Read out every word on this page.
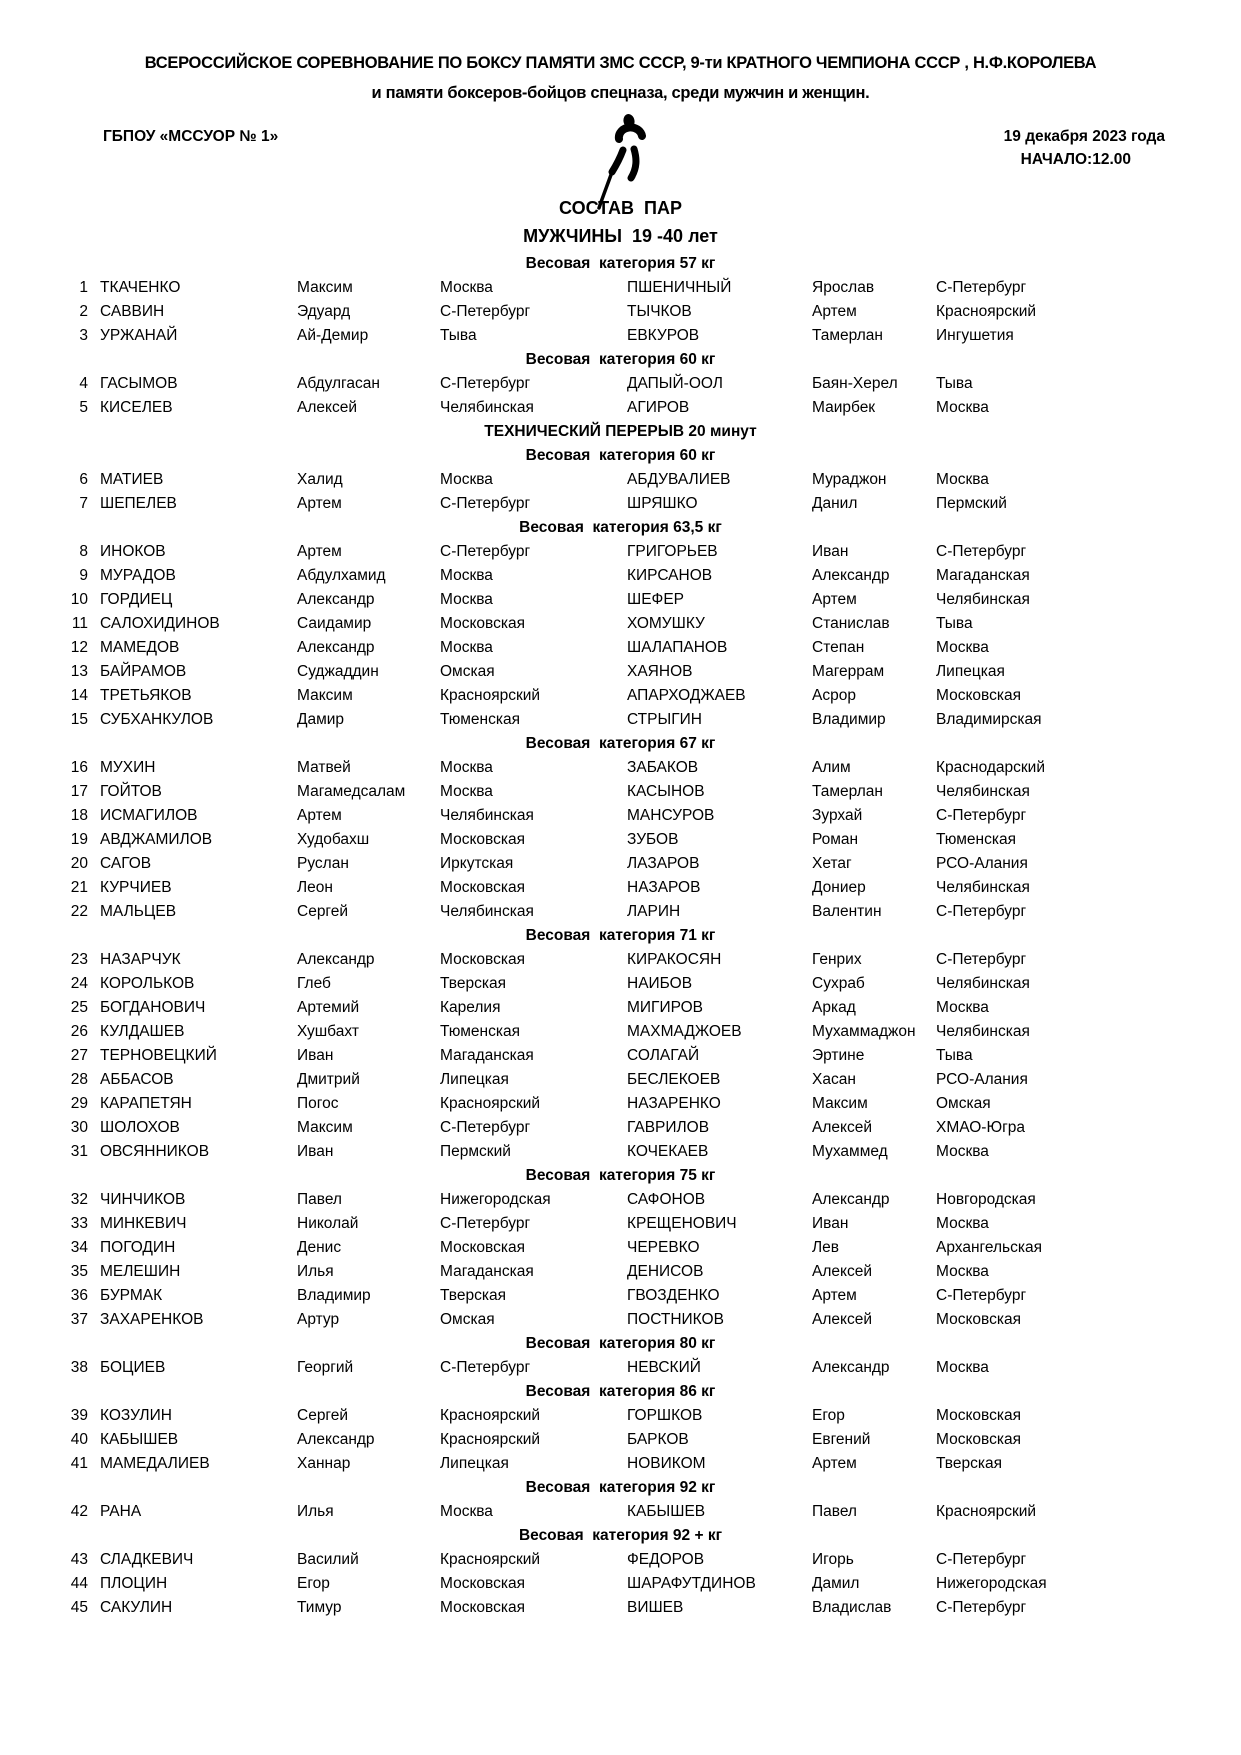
ВСЕРОССИЙСКОЕ СОРЕВНОВАНИЕ ПО БОКСУ ПАМЯТИ ЗМС СССР, 9-ти КРАТНОГО ЧЕМПИОНА СССР , Н.Ф.КОРОЛЕВА
и памяти боксеров-бойцов спецназа, среди мужчин и женщин.
ГБПОУ «МССУОР № 1»	19 декабря 2023 года
НАЧАЛО:12.00
СОСТАВ  ПАР
МУЖЧИНЫ  19 -40 лет
Весовая  категория 57 кг
1 ТКАЧЕНКО	Максим	Москва	ПШЕНИЧНЫЙ	Ярослав	С-Петербург
2 САВВИН	Эдуард	С-Петербург	ТЫЧКОВ	Артем	Красноярский
3 УРЖАНАЙ	Ай-Демир	Тыва	ЕВКУРОВ	Тамерлан	Ингушетия
Весовая  категория 60 кг
4 ГАСЫМОВ	Абдулгасан	С-Петербург	ДАПЫЙ-ООЛ	Баян-Херел	Тыва
5 КИСЕЛЕВ	Алексей	Челябинская	АГИРОВ	Маирбек	Москва
ТЕХНИЧЕСКИЙ ПЕРЕРЫВ 20 минут
Весовая  категория 60 кг
6 МАТИЕВ	Халид	Москва	АБДУВАЛИЕВ	Мураджон	Москва
7 ШЕПЕЛЕВ	Артем	С-Петербург	ШРЯШКО	Данил	Пермский
Весовая  категория 63,5 кг
8 ИНОКОВ	Артем	С-Петербург	ГРИГОРЬЕВ	Иван	С-Петербург
9 МУРАДОВ	Абдулхамид	Москва	КИРСАНОВ	Александр	Магаданская
10 ГОРДИЕЦ	Александр	Москва	ШЕФЕР	Артем	Челябинская
11 САЛОХИДИНОВ	Саидамир	Московская	ХОМУШКУ	Станислав	Тыва
12 МАМЕДОВ	Александр	Москва	ШАЛАПАНОВ	Степан	Москва
13 БАЙРАМОВ	Суджаддин	Омская	ХАЯНОВ	Магеррам	Липецкая
14 ТРЕТЬЯКОВ	Максим	Красноярский	АПАРХОДЖАЕВ	Асрор	Московская
15 СУБХАНКУЛОВ	Дамир	Тюменская	СТРЫГИН	Владимир	Владимирская
Весовая  категория 67 кг
16 МУХИН	Матвей	Москва	ЗАБАКОВ	Алим	Краснодарский
17 ГОЙТОВ	Магамедсалам	Москва	КАСЫНОВ	Тамерлан	Челябинская
18 ИСМАГИЛОВ	Артем	Челябинская	МАНСУРОВ	Зурхай	С-Петербург
19 АВДЖАМИЛОВ	Худобахш	Московская	ЗУБОВ	Роман	Тюменская
20 САГОВ	Руслан	Иркутская	ЛАЗАРОВ	Хетаг	РСО-Алания
21 КУРЧИЕВ	Леон	Московская	НАЗАРОВ	Дониер	Челябинская
22 МАЛЬЦЕВ	Сергей	Челябинская	ЛАРИН	Валентин	С-Петербург
Весовая  категория 71 кг
23 НАЗАРЧУК	Александр	Московская	КИРАКОСЯН	Генрих	С-Петербург
24 КОРОЛЬКОВ	Глеб	Тверская	НАИБОВ	Сухраб	Челябинская
25 БОГДАНОВИЧ	Артемий	Карелия	МИГИРОВ	Аркад	Москва
26 КУЛДАШЕВ	Хушбахт	Тюменская	МАХМАДЖОЕВ	Мухаммаджон	Челябинская
27 ТЕРНОВЕЦКИЙ	Иван	Магаданская	СОЛАГАЙ	Эртине	Тыва
28 АББАСОВ	Дмитрий	Липецкая	БЕСЛЕКОЕВ	Хасан	РСО-Алания
29 КАРАПЕТЯН	Погос	Красноярский	НАЗАРЕНКО	Максим	Омская
30 ШОЛОХОВ	Максим	С-Петербург	ГАВРИЛОВ	Алексей	ХМАО-Югра
31 ОВСЯННИКОВ	Иван	Пермский	КОЧЕКАЕВ	Мухаммед	Москва
Весовая  категория 75 кг
32 ЧИНЧИКОВ	Павел	Нижегородская	САФОНОВ	Александр	Новгородская
33 МИНКЕВИЧ	Николай	С-Петербург	КРЕЩЕНОВИЧ	Иван	Москва
34 ПОГОДИН	Денис	Московская	ЧЕРЕВКО	Лев	Архангельская
35 МЕЛЕШИН	Илья	Магаданская	ДЕНИСОВ	Алексей	Москва
36 БУРМАК	Владимир	Тверская	ГВОЗДЕНКО	Артем	С-Петербург
37 ЗАХАРЕНКОВ	Артур	Омская	ПОСТНИКОВ	Алексей	Московская
Весовая  категория 80 кг
38 БОЦИЕВ	Георгий	С-Петербург	НЕВСКИЙ	Александр	Москва
Весовая  категория 86 кг
39 КОЗУЛИН	Сергей	Красноярский	ГОРШКОВ	Егор	Московская
40 КАБЫШЕВ	Александр	Красноярский	БАРКОВ	Евгений	Московская
41 МАМЕДАЛИЕВ	Ханнар	Липецкая	НОВИКОМ	Артем	Тверская
Весовая  категория 92 кг
42 РАНА	Илья	Москва	КАБЫШЕВ	Павел	Красноярский
Весовая  категория 92 + кг
43 СЛАДКЕВИЧ	Василий	Красноярский	ФЕДОРОВ	Игорь	С-Петербург
44 ПЛОЦИН	Егор	Московская	ШАРАФУТДИНОВ	Дамил	Нижегородская
45 САКУЛИН	Тимур	Московская	ВИШЕВ	Владислав	С-Петербург
